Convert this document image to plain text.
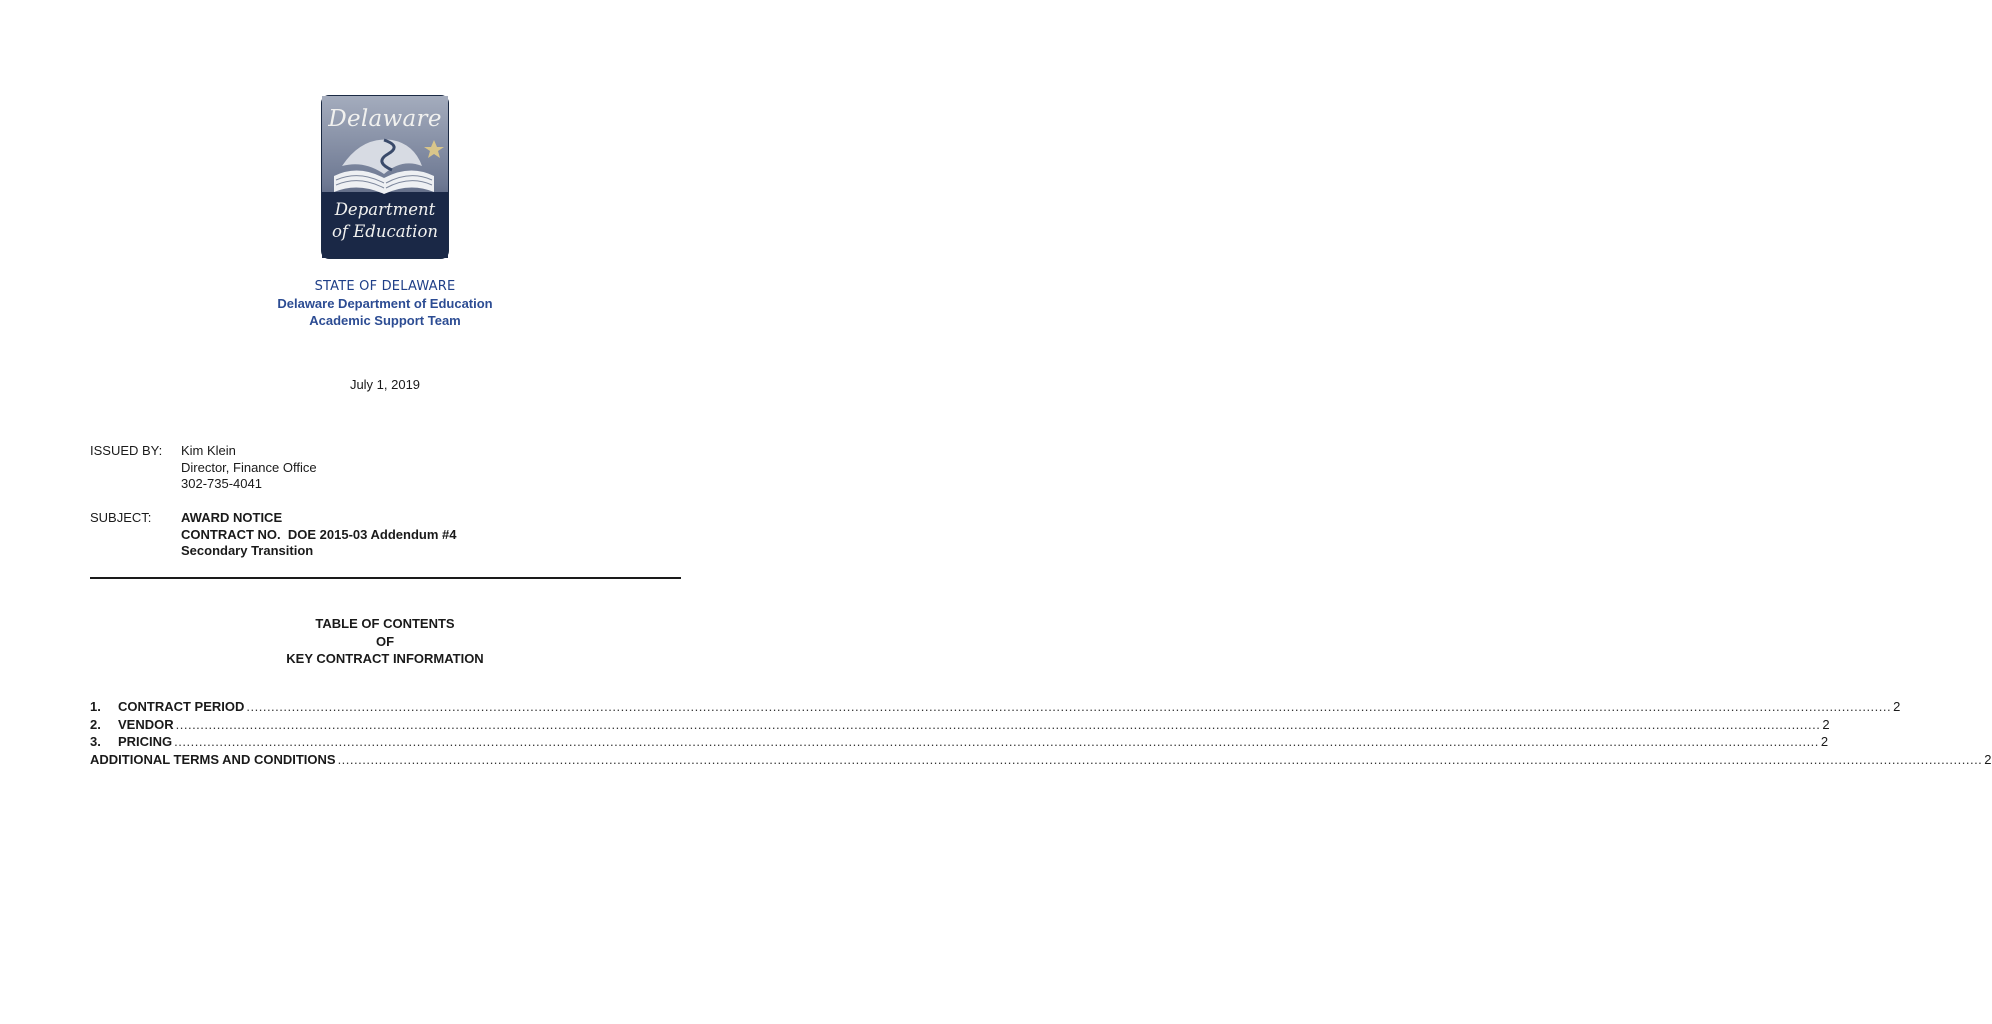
Delaware
Department
of Education
STATE OF DELAWARE
Delaware Department of Education
Academic Support Team
July 1, 2019
ISSUED BY: Kim Klein
Director, Finance Office
302-735-4041
SUBJECT: AWARD NOTICE
CONTRACT NO.  DOE 2015-03 Addendum #4
Secondary Transition
TABLE OF CONTENTS
OF
KEY CONTRACT INFORMATION
1.	CONTRACT PERIOD ................................................................................................................................................................................................................................................................................................................................................................................................................ 2
2.	VENDOR ................................................................................................................................................................................................................................................................................................................................................................................................................ 2
3.	PRICING ................................................................................................................................................................................................................................................................................................................................................................................................................ 2
ADDITIONAL TERMS AND CONDITIONS ................................................................................................................................................................................................................................................................................................................................................................................................................ 2
